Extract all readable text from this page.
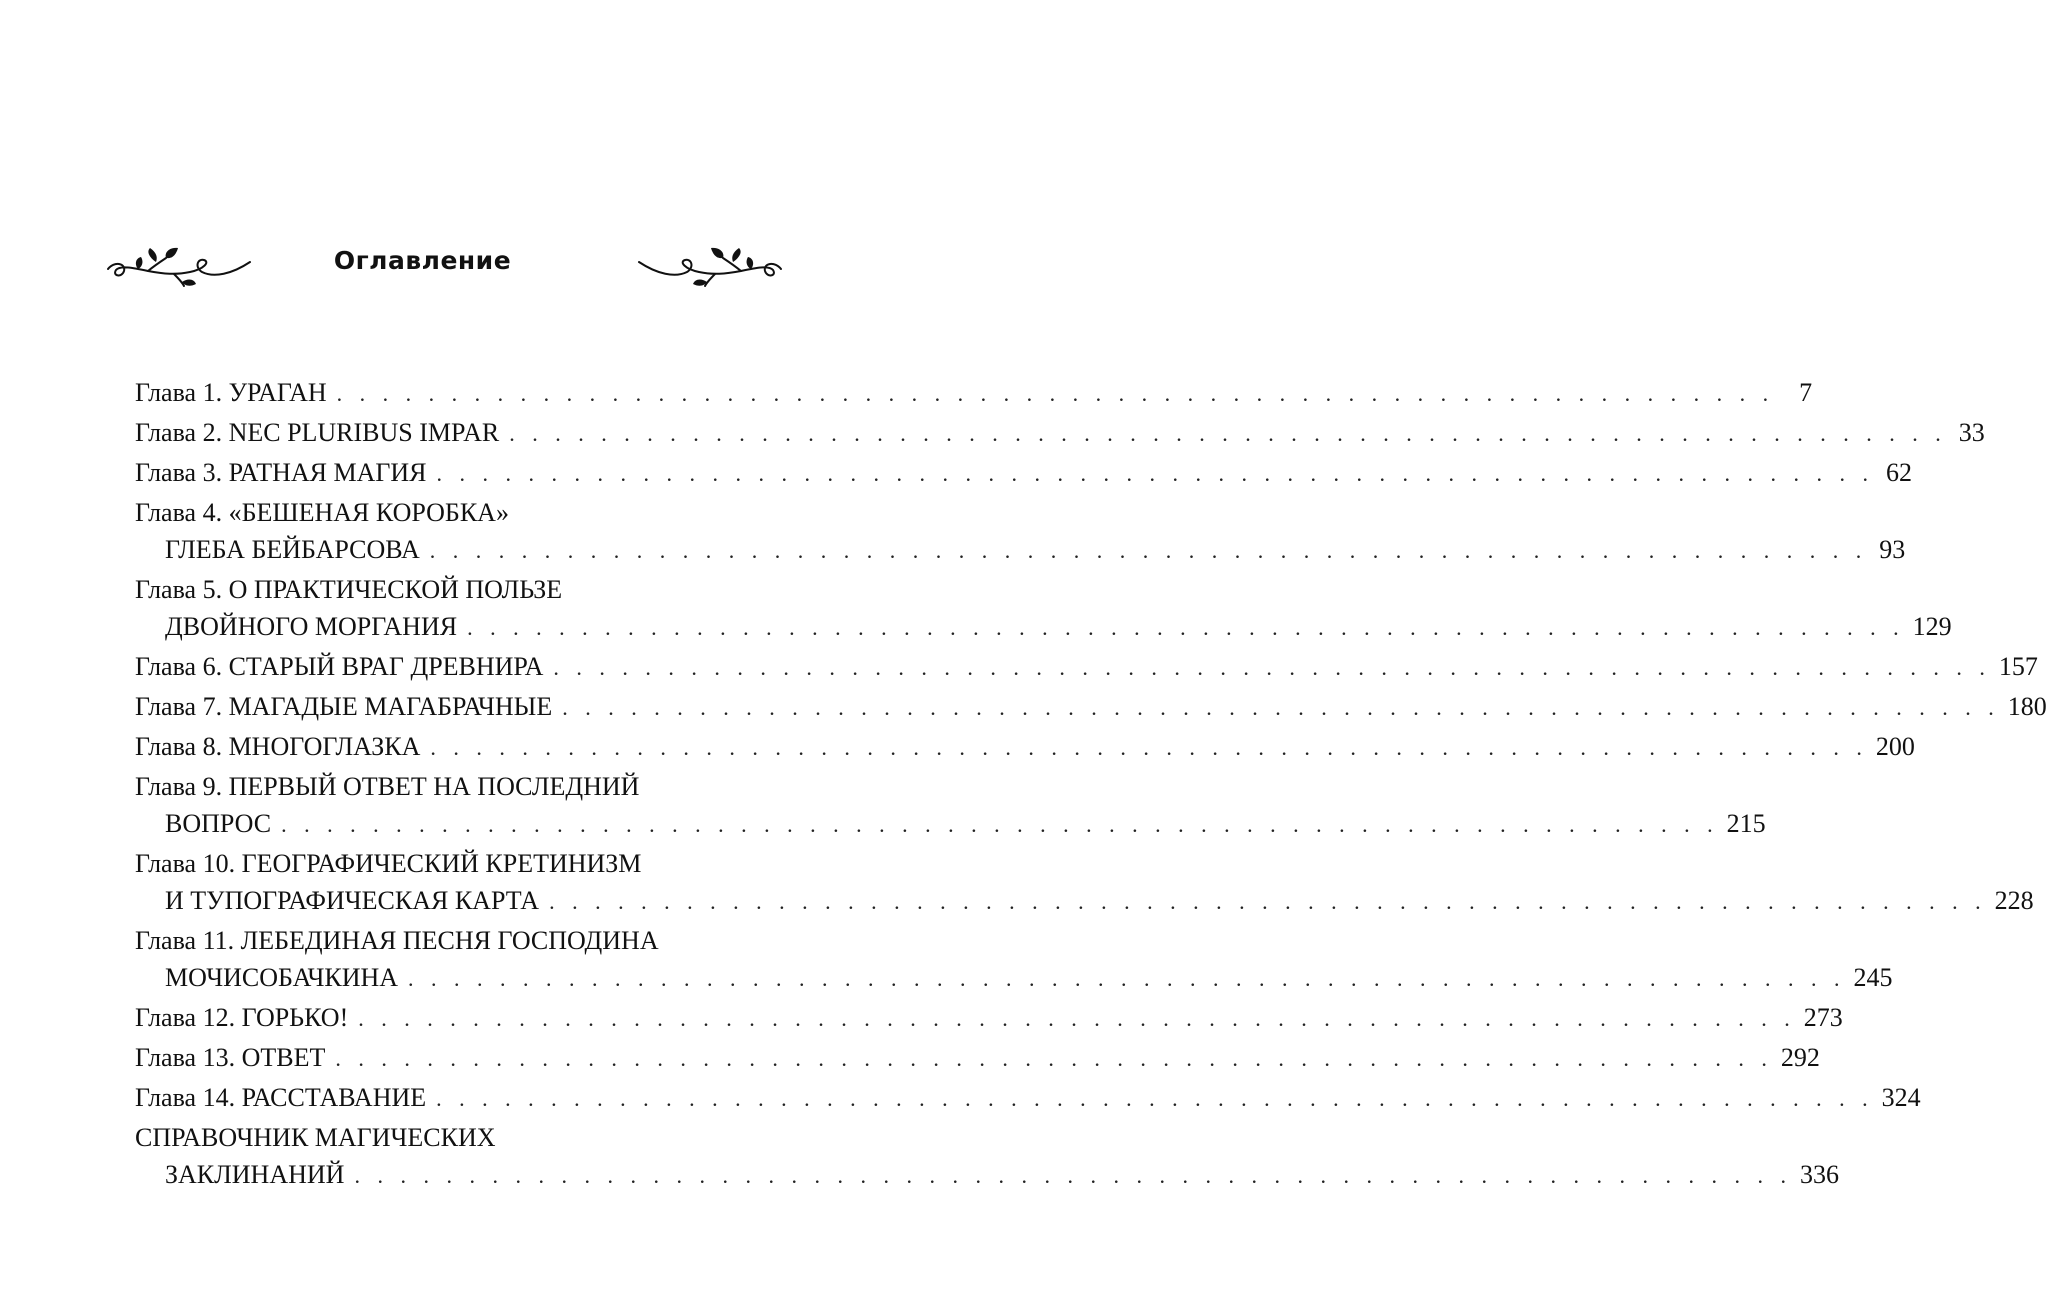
Оглавление
Глава 1. УРАГАН . . . . . . . . . . . . . . . . . . . . . . . . . . . . . . . . . . . . . . . . . . . . . . . . . . . . . . . . . . . . . . . 7
Глава 2. NEC PLURIBUS IMPAR . . . . . . . . . . . . . . . . . . . . . . . . . . . . . . . . . . . . . . . . . . . . . . . . . . . . . . . . . . . . . . . 33
Глава 3. РАТНАЯ МАГИЯ . . . . . . . . . . . . . . . . . . . . . . . . . . . . . . . . . . . . . . . . . . . . . . . . . . . . . . . . . . . . . . . 62
Глава 4. «БЕШЕНАЯ КОРОБКА»
ГЛЕБА БЕЙБАРСОВА . . . . . . . . . . . . . . . . . . . . . . . . . . . . . . . . . . . . . . . . . . . . . . . . . . . . . . . . . . . . . . . 93
Глава 5. О ПРАКТИЧЕСКОЙ ПОЛЬЗЕ
ДВОЙНОГО МОРГАНИЯ . . . . . . . . . . . . . . . . . . . . . . . . . . . . . . . . . . . . . . . . . . . . . . . . . . . . . . . . . . . . . . . 129
Глава 6. СТАРЫЙ ВРАГ ДРЕВНИРА . . . . . . . . . . . . . . . . . . . . . . . . . . . . . . . . . . . . . . . . . . . . . . . . . . . . . . . . . . . . . . . 157
Глава 7. МАГАДЫЕ МАГАБРАЧНЫЕ . . . . . . . . . . . . . . . . . . . . . . . . . . . . . . . . . . . . . . . . . . . . . . . . . . . . . . . . . . . . . . . 180
Глава 8. МНОГОГЛАЗКА . . . . . . . . . . . . . . . . . . . . . . . . . . . . . . . . . . . . . . . . . . . . . . . . . . . . . . . . . . . . . . . 200
Глава 9. ПЕРВЫЙ ОТВЕТ НА ПОСЛЕДНИЙ
ВОПРОС . . . . . . . . . . . . . . . . . . . . . . . . . . . . . . . . . . . . . . . . . . . . . . . . . . . . . . . . . . . . . . . 215
Глава 10. ГЕОГРАФИЧЕСКИЙ КРЕТИНИЗМ
И ТУПОГРАФИЧЕСКАЯ КАРТА . . . . . . . . . . . . . . . . . . . . . . . . . . . . . . . . . . . . . . . . . . . . . . . . . . . . . . . . . . . . . . . 228
Глава 11. ЛЕБЕДИНАЯ ПЕСНЯ ГОСПОДИНА
МОЧИСОБАЧКИНА . . . . . . . . . . . . . . . . . . . . . . . . . . . . . . . . . . . . . . . . . . . . . . . . . . . . . . . . . . . . . . . 245
Глава 12. ГОРЬКО! . . . . . . . . . . . . . . . . . . . . . . . . . . . . . . . . . . . . . . . . . . . . . . . . . . . . . . . . . . . . . . . 273
Глава 13. ОТВЕТ . . . . . . . . . . . . . . . . . . . . . . . . . . . . . . . . . . . . . . . . . . . . . . . . . . . . . . . . . . . . . . . 292
Глава 14. РАССТАВАНИЕ . . . . . . . . . . . . . . . . . . . . . . . . . . . . . . . . . . . . . . . . . . . . . . . . . . . . . . . . . . . . . . . 324
СПРАВОЧНИК МАГИЧЕСКИХ
ЗАКЛИНАНИЙ . . . . . . . . . . . . . . . . . . . . . . . . . . . . . . . . . . . . . . . . . . . . . . . . . . . . . . . . . . . . . . . 336
